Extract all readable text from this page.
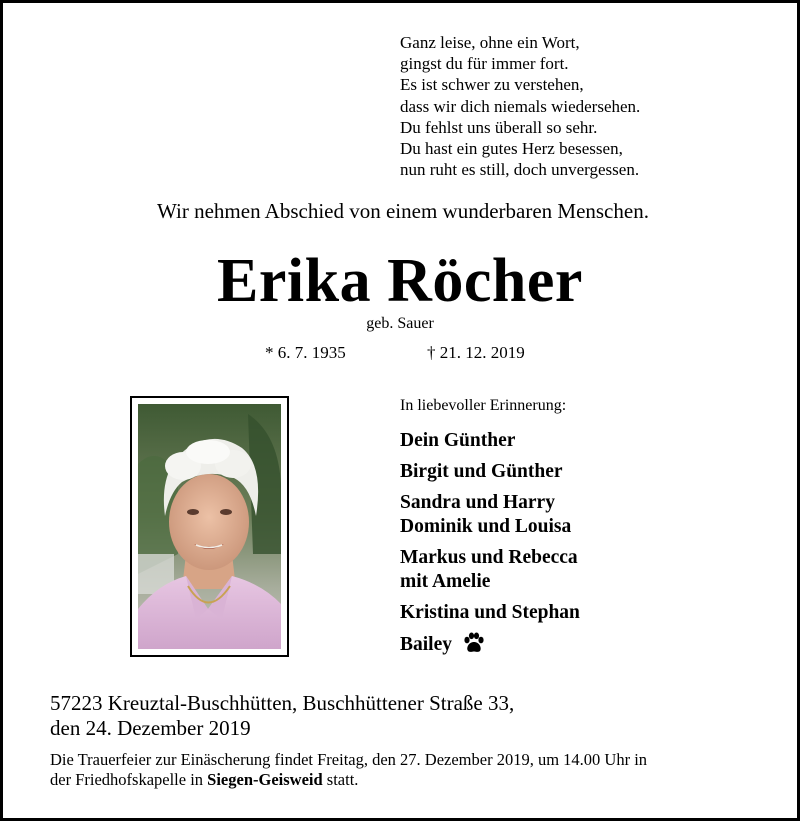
Ganz leise, ohne ein Wort,
gingst du für immer fort.
Es ist schwer zu verstehen,
dass wir dich niemals wiedersehen.
Du fehlst uns überall so sehr.
Du hast ein gutes Herz besessen,
nun ruht es still, doch unvergessen.
Wir nehmen Abschied von einem wunderbaren Menschen.
Erika Röcher
geb. Sauer
* 6. 7. 1935	† 21. 12. 2019
In liebevoller Erinnerung:
Dein Günther
Birgit und Günther
Sandra und Harry
Dominik und Louisa
Markus und Rebecca
mit Amelie
Kristina und Stephan
Bailey
57223 Kreuztal-Buschhütten, Buschhüttener Straße 33,
den 24. Dezember 2019
Die Trauerfeier zur Einäscherung findet Freitag, den 27. Dezember 2019, um 14.00 Uhr in
der Friedhofskapelle in Siegen-Geisweid statt.
